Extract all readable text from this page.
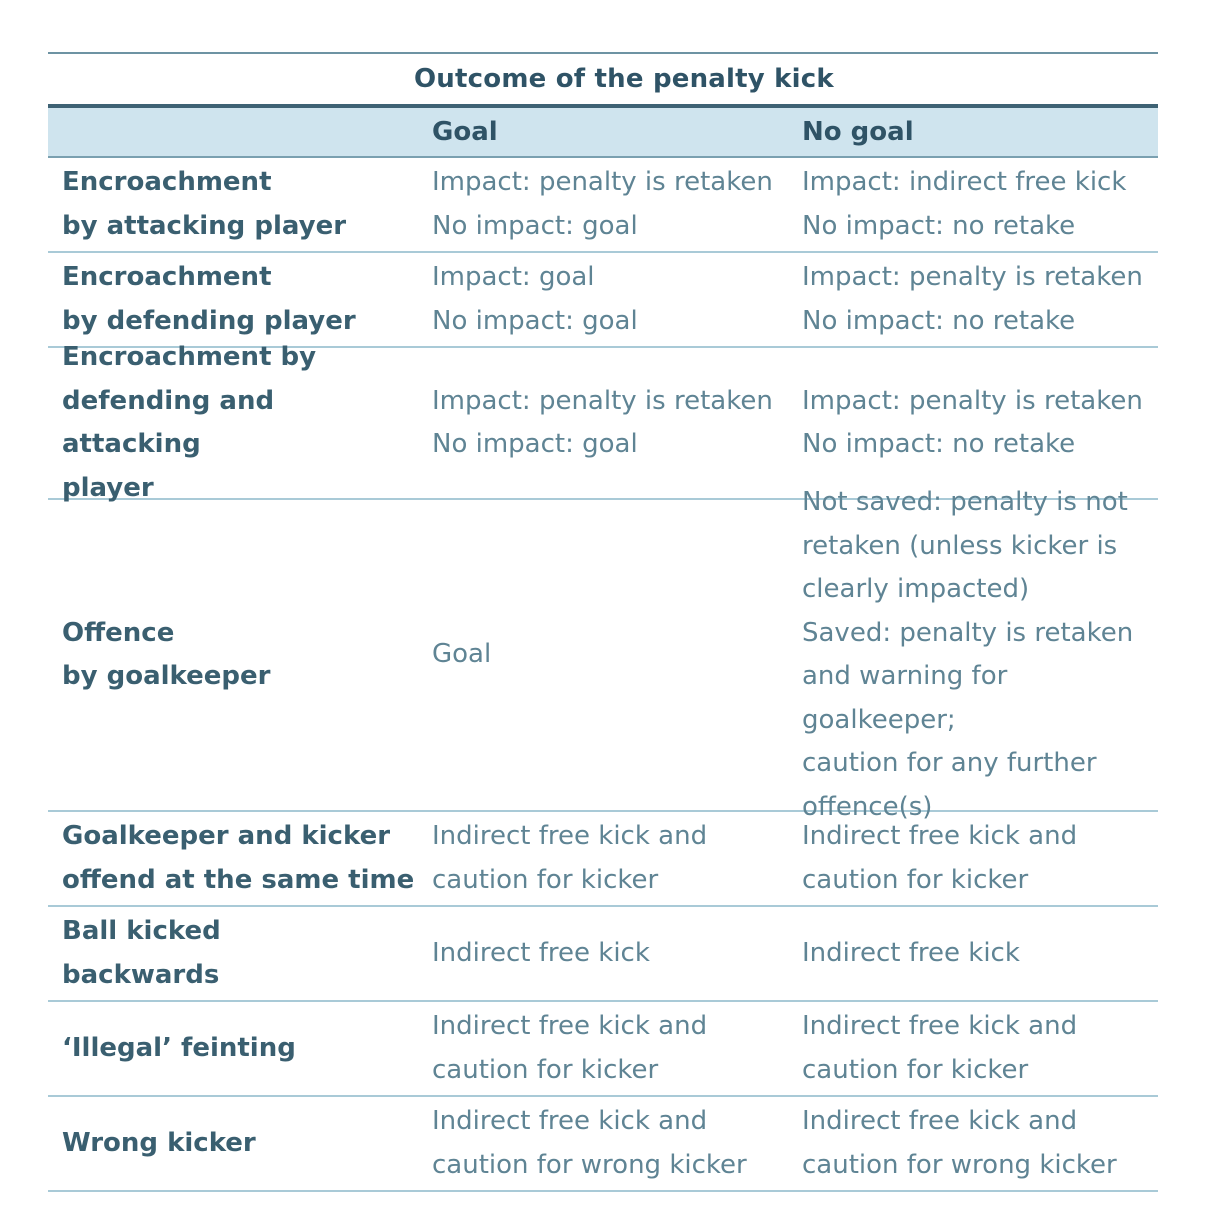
Outcome of the penalty kick
Goal	No goal
Encroachment
by attacking player
Impact: penalty is retaken
No impact: goal
Impact: indirect free kick
No impact: no retake
Encroachment
by defending player
Impact: goal
No impact: goal
Impact: penalty is retaken
No impact: no retake
Encroachment by
defending and attacking
player
Impact: penalty is retaken
No impact: goal
Impact: penalty is retaken
No impact: no retake
Offence
by goalkeeper
Goal
Not saved: penalty is not
retaken (unless kicker is
clearly impacted)
Saved: penalty is retaken
and warning for goalkeeper;
caution for any further
offence(s)
Goalkeeper and kicker
offend at the same time
Indirect free kick and
caution for kicker
Indirect free kick and
caution for kicker
Ball kicked
backwards
Indirect free kick	Indirect free kick
‘Illegal’ feinting
Indirect free kick and
caution for kicker
Indirect free kick and
caution for kicker
Wrong kicker
Indirect free kick and
caution for wrong kicker
Indirect free kick and
caution for wrong kicker
